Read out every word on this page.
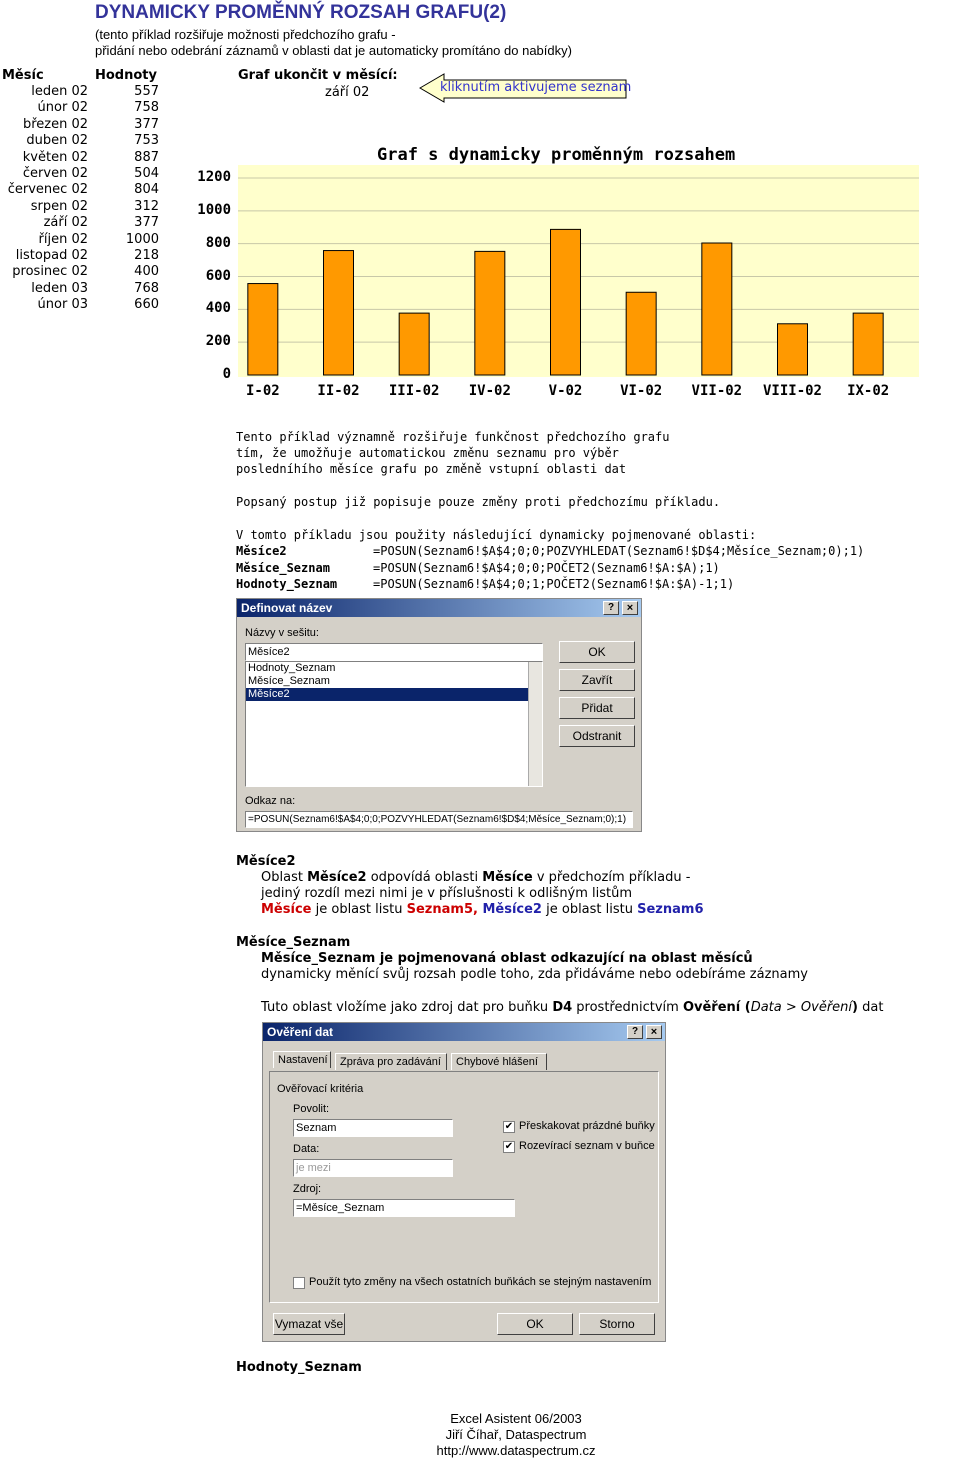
DYNAMICKY PROMĚNNÝ ROZSAH GRAFU(2)
(tento příklad rozšiřuje možnosti předchozího grafu -
přidání nebo odebrání záznamů v oblasti dat je automaticky promítáno do nabídky)
Měsíc	Hodnoty
leden 02	557
únor 02	758
březen 02	377
duben 02	753
květen 02	887
červen 02	504
červenec 02	804
srpen 02	312
září 02	377
říjen 02	1000
listopad 02	218
prosinec 02	400
leden 03	768
únor 03	660
Graf ukončit v měsící:
září 02	kliknutím aktivujeme seznam
Graf s dynamicky proměnným rozsahem
0
200
400
600
800
1000
1200
I-02	II-02	III-02	IV-02	V-02	VI-02	VII-02	VIII-02	IX-02
Tento příklad významně rozšiřuje funkčnost předchozího grafu
tím, že umožňuje automatickou změnu seznamu pro výběr
posledníhího měsíce grafu po změně vstupní oblasti dat
Popsaný postup již popisuje pouze změny proti předchozímu příkladu.
V tomto příkladu jsou použity následující dynamicky pojmenované oblasti:
Měsíce2	=POSUN(Seznam6!$A$4;0;0;POZVYHLEDAT(Seznam6!$D$4;Měsíce_Seznam;0);1)
Měsíce_Seznam	=POSUN(Seznam6!$A$4;0;0;POČET2(Seznam6!$A:$A);1)
Hodnoty_Seznam	=POSUN(Seznam6!$A$4;0;1;POČET2(Seznam6!$A:$A)-1;1)
Definovat název	?	×
Názvy v sešitu:
Měsíce2
Hodnoty_Seznam
Měsíce_Seznam
Měsíce2
OK
Zavřít
Přidat
Odstranit
Odkaz na:
=POSUN(Seznam6!$A$4;0;0;POZVYHLEDAT(Seznam6!$D$4;Měsíce_Seznam;0);1)
Měsíce2
Oblast Měsíce2 odpovídá oblasti Měsíce v předchozím příkladu -
jediný rozdíl mezi nimi je v příslušnosti k odlišným listům
Měsíce je oblast listu Seznam5, Měsíce2 je oblast listu Seznam6
Měsíce_Seznam
Měsíce_Seznam je pojmenovaná oblast odkazující na oblast měsíců
dynamicky měnící svůj rozsah podle toho, zda přidáváme nebo odebíráme záznamy
Tuto oblast vložíme jako zdroj dat pro buňku D4 prostřednictvím Ověření (Data > Ověření) dat
Ověření dat	?	×
Nastavení	Zpráva pro zadávání	Chybové hlášení
Ověřovací kritéria
Povolit:
Seznam
Data:
je mezi
Zdroj:
=Měsíce_Seznam
✔ Přeskakovat prázdné buňky
✔ Rozevírací seznam v buňce
Použít tyto změny na všech ostatních buňkách se stejným nastavením
Vymazat vše	OK	Storno
Hodnoty_Seznam
Excel Asistent 06/2003
Jiří Číhař, Dataspectrum
http://www.dataspectrum.cz
